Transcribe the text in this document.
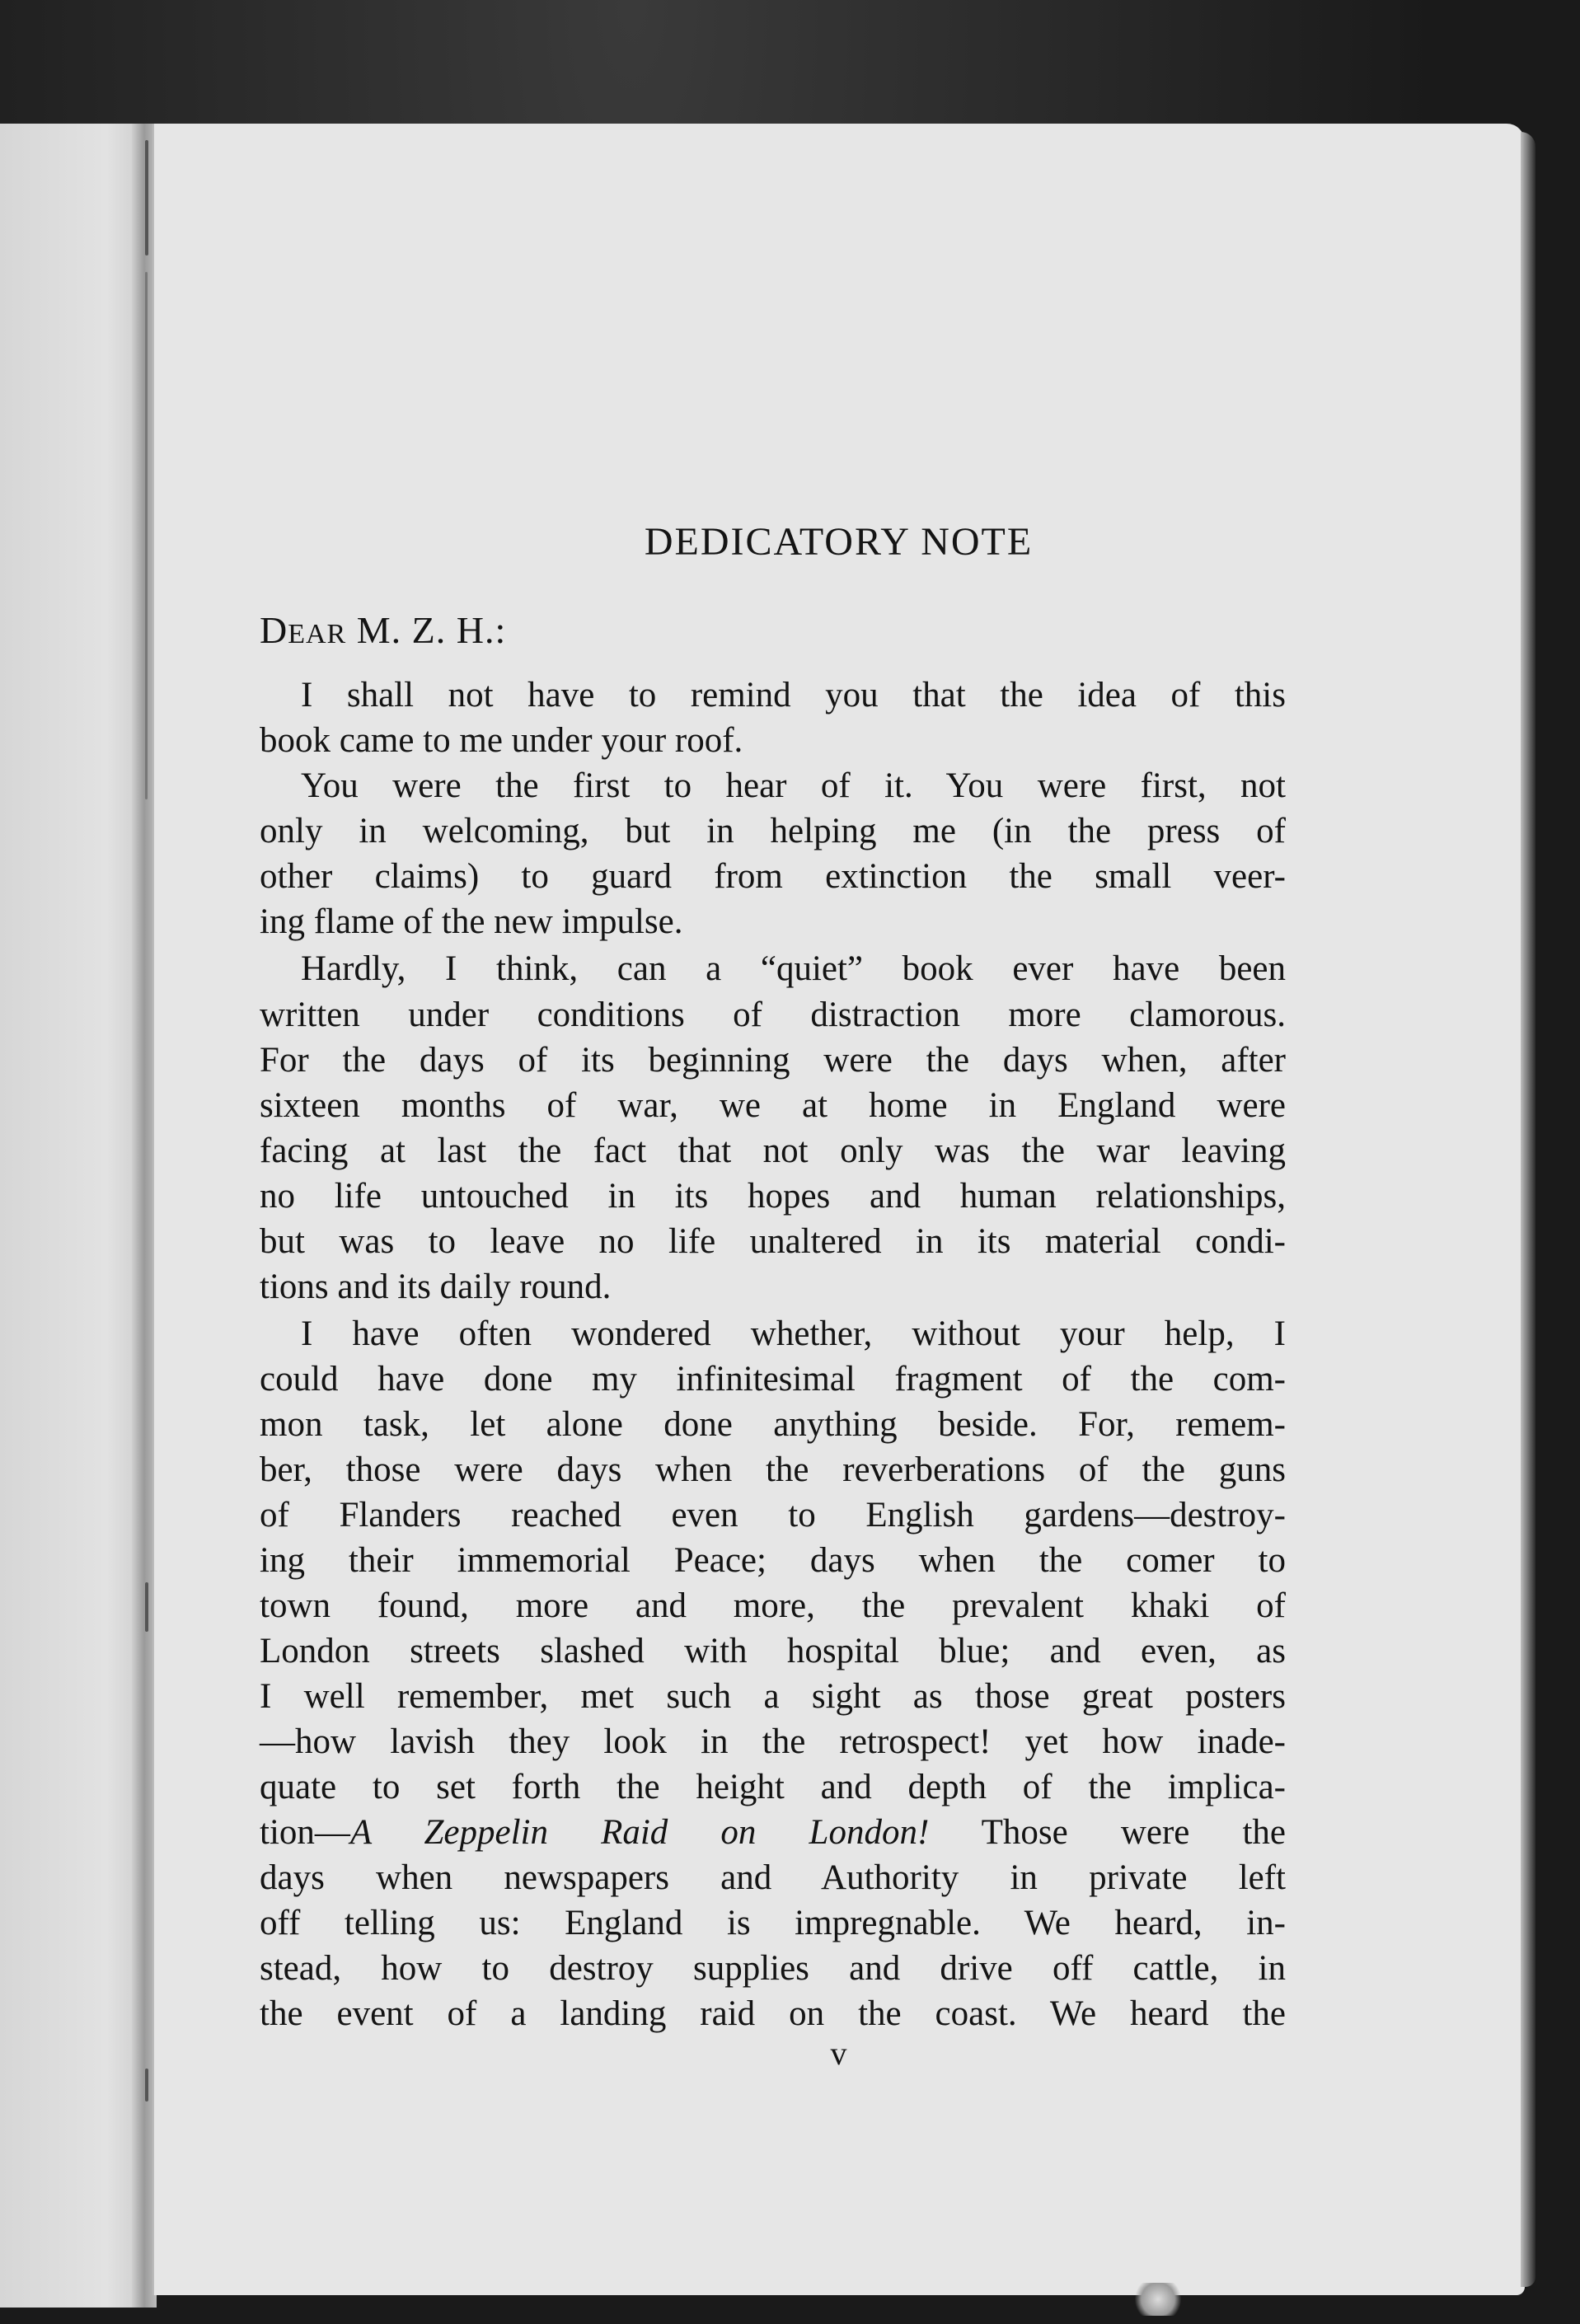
DEDICATORY NOTE
DEAR M. Z. H.:
I shall not have to remind you that the idea of this
book came to me under your roof.
You were the first to hear of it. You were first, not
only in welcoming, but in helping me (in the press of
other claims) to guard from extinction the small veer-
ing flame of the new impulse.
Hardly, I think, can a “quiet” book ever have been
written under conditions of distraction more clamorous.
For the days of its beginning were the days when, after
sixteen months of war, we at home in England were
facing at last the fact that not only was the war leaving
no life untouched in its hopes and human relationships,
but was to leave no life unaltered in its material condi-
tions and its daily round.
I have often wondered whether, without your help, I
could have done my infinitesimal fragment of the com-
mon task, let alone done anything beside. For, remem-
ber, those were days when the reverberations of the guns
of Flanders reached even to English gardens—destroy-
ing their immemorial Peace; days when the comer to
town found, more and more, the prevalent khaki of
London streets slashed with hospital blue; and even, as
I well remember, met such a sight as those great posters
—how lavish they look in the retrospect! yet how inade-
quate to set forth the height and depth of the implica-
tion—A Zeppelin Raid on London! Those were the
days when newspapers and Authority in private left
off telling us: England is impregnable. We heard, in-
stead, how to destroy supplies and drive off cattle, in
the event of a landing raid on the coast. We heard the
v
